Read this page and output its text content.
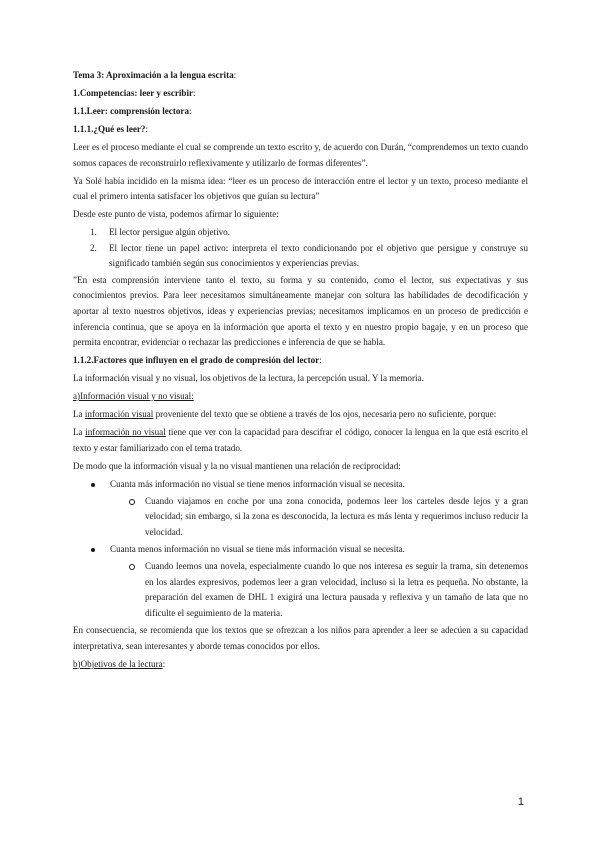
Tema 3: Aproximación a la lengua escrita:

1.Competencias: leer y escribir:

1.1.Leer: comprensión lectora:

1.1.1.¿Qué es leer?:

Leer es el proceso mediante el cual se comprende un texto escrito y, de acuerdo con Durán, “comprendemos un texto cuando somos capaces de reconstruirlo reflexivamente y utilizarlo de formas diferentes”.

Ya Solé había incidido en la misma idea: “leer es un proceso de interacción entre el lector y un texto, proceso mediante el cual el primero intenta satisfacer los objetivos que guían su lectura”

Desde este punto de vista, podemos afirmar lo siguiente:

1. El lector persigue algún objetivo.
2. El lector tiene un papel activo: interpreta el texto condicionando por el objetivo que persigue y construye su significado también según sus conocimientos y experiencias previas.

”En esta comprensión interviene tanto el texto, su forma y su contenido, como el lector, sus expectativas y sus conocimientos previos. Para leer necesitamos simultáneamente manejar con soltura las habilidades de decodificación y aportar al texto nuestros objetivos, ideas y experiencias previas; necesitamos implicamos en un proceso de predicción e inferencia continua, que se apoya en la información que aporta el texto y en nuestro propio bagaje, y en un proceso que permita encontrar, evidenciar o rechazar las predicciones e inferencia de que se habla.

1.1.2.Factores que influyen en el grado de compresión del lector:

La información visual y no visual, los objetivos de la lectura, la percepción usual. Y la memoria.

a)Información visual y no visual:

La información visual proveniente del texto que se obtiene a través de los ojos, necesaria pero no suficiente, porque:

La información no visual tiene que ver con la capacidad para descifrar el código, conocer la lengua en la que está escrito el texto y estar familiarizado con el tema tratado.

De modo que la información visual y la no visual mantienen una relación de reciprocidad:

Cuanta más información no visual se tiene menos información visual se necesita.
Cuando viajamos en coche por una zona conocida, podemos leer los carteles desde lejos y a gran velocidad; sin embargo, si la zona es desconocida, la lectura es más lenta y requerimos incluso reducir la velocidad.
Cuanta menos información no visual se tiene más información visual se necesita.
Cuando leemos una novela, especialmente cuando lo que nos interesa es seguir la trama, sin detenemos en los alardes expresivos, podemos leer a gran velocidad, incluso si la letra es pequeña. No obstante, la preparación del examen de DHL 1 exigirá una lectura pausada y reflexiva y un tamaño de lata que no dificulte el seguimiento de la materia.

En consecuencia, se recomienda que los textos que se ofrezcan a los niños para aprender a leer se adecúen a su capacidad interpretativa, sean interesantes y aborde temas conocidos por ellos.

b)Objetivos de la lectura:

1
